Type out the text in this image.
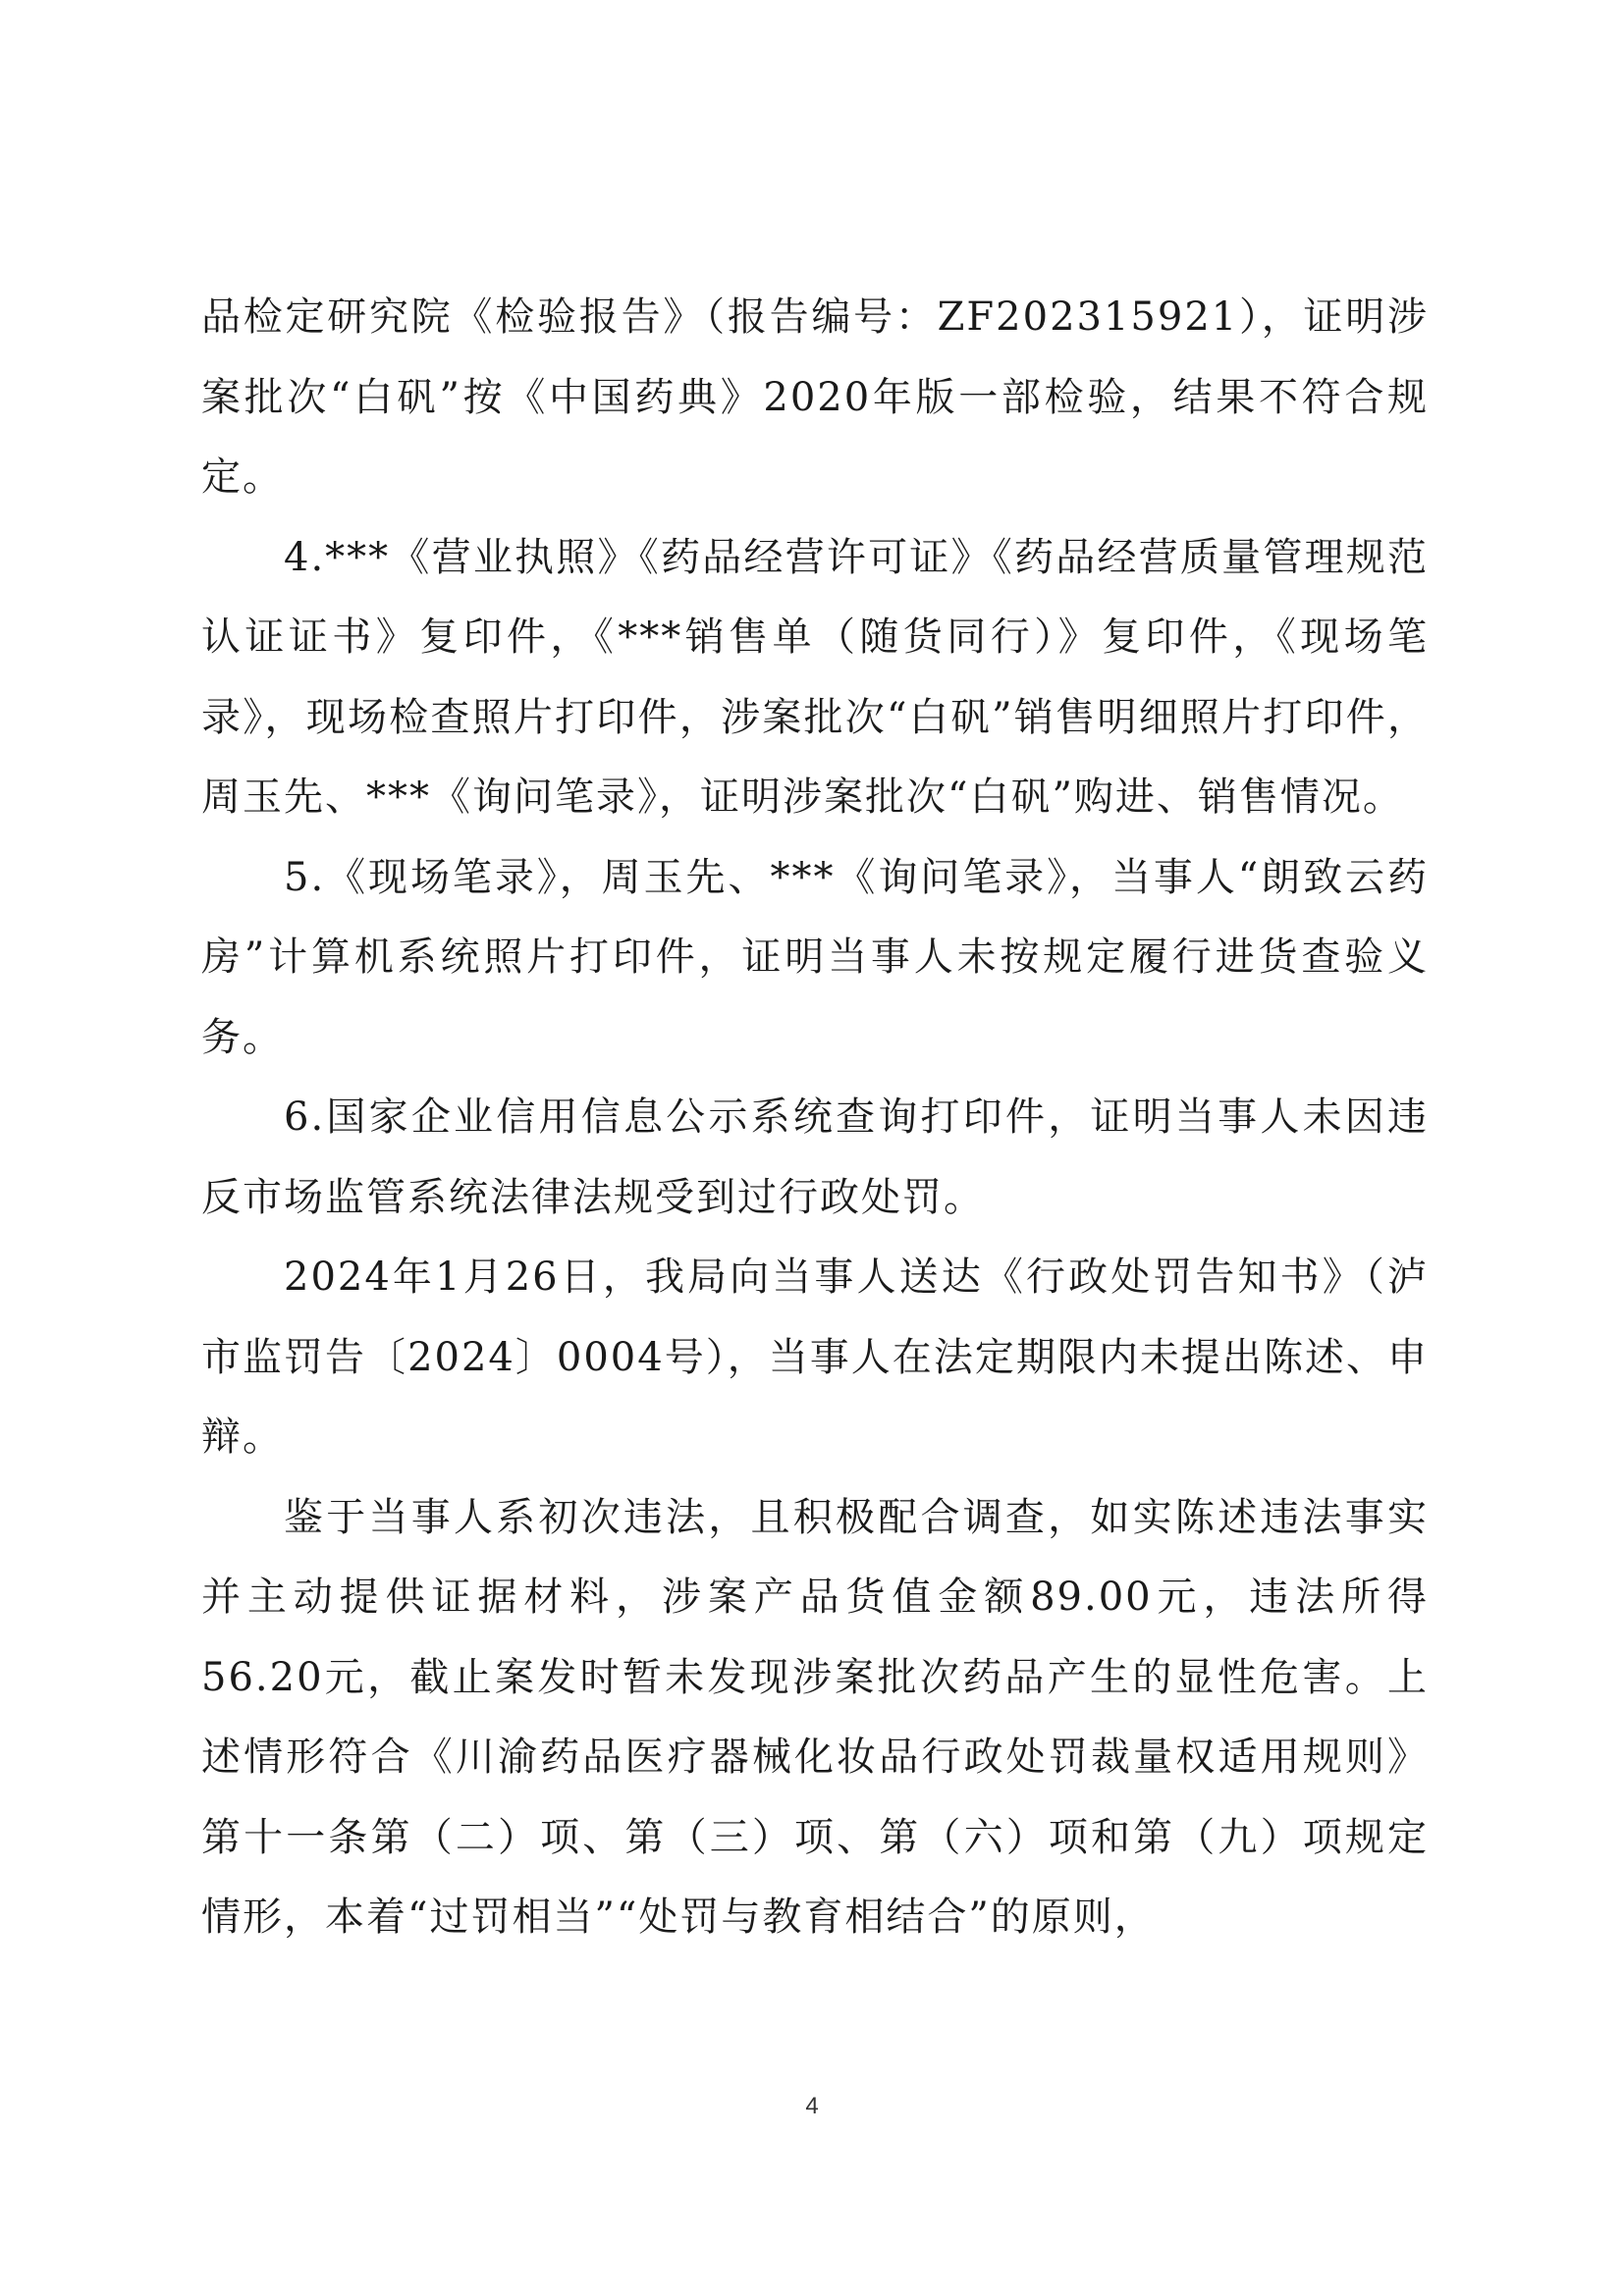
品检定研究院《检验报告》（报告编号：ZF202315921），证明涉案批次“白矾”按《中国药典》2020年版一部检验，结果不符合规定。

4.***《营业执照》《药品经营许可证》《药品经营质量管理规范认证证书》复印件，《***销售单（随货同行）》复印件，《现场笔录》，现场检查照片打印件，涉案批次“白矾”销售明细照片打印件，周玉先、***《询问笔录》，证明涉案批次“白矾”购进、销售情况。

5.《现场笔录》，周玉先、***《询问笔录》，当事人“朗致云药房”计算机系统照片打印件，证明当事人未按规定履行进货查验义务。

6.国家企业信用信息公示系统查询打印件，证明当事人未因违反市场监管系统法律法规受到过行政处罚。

2024年1月26日，我局向当事人送达《行政处罚告知书》（泸市监罚告〔2024〕0004号），当事人在法定期限内未提出陈述、申辩。

鉴于当事人系初次违法，且积极配合调查，如实陈述违法事实并主动提供证据材料，涉案产品货值金额89.00元，违法所得56.20元，截止案发时暂未发现涉案批次药品产生的显性危害。上述情形符合《川渝药品医疗器械化妆品行政处罚裁量权适用规则》第十一条第（二）项、第（三）项、第（六）项和第（九）项规定情形，本着“过罚相当”“处罚与教育相结合”的原则，

4
